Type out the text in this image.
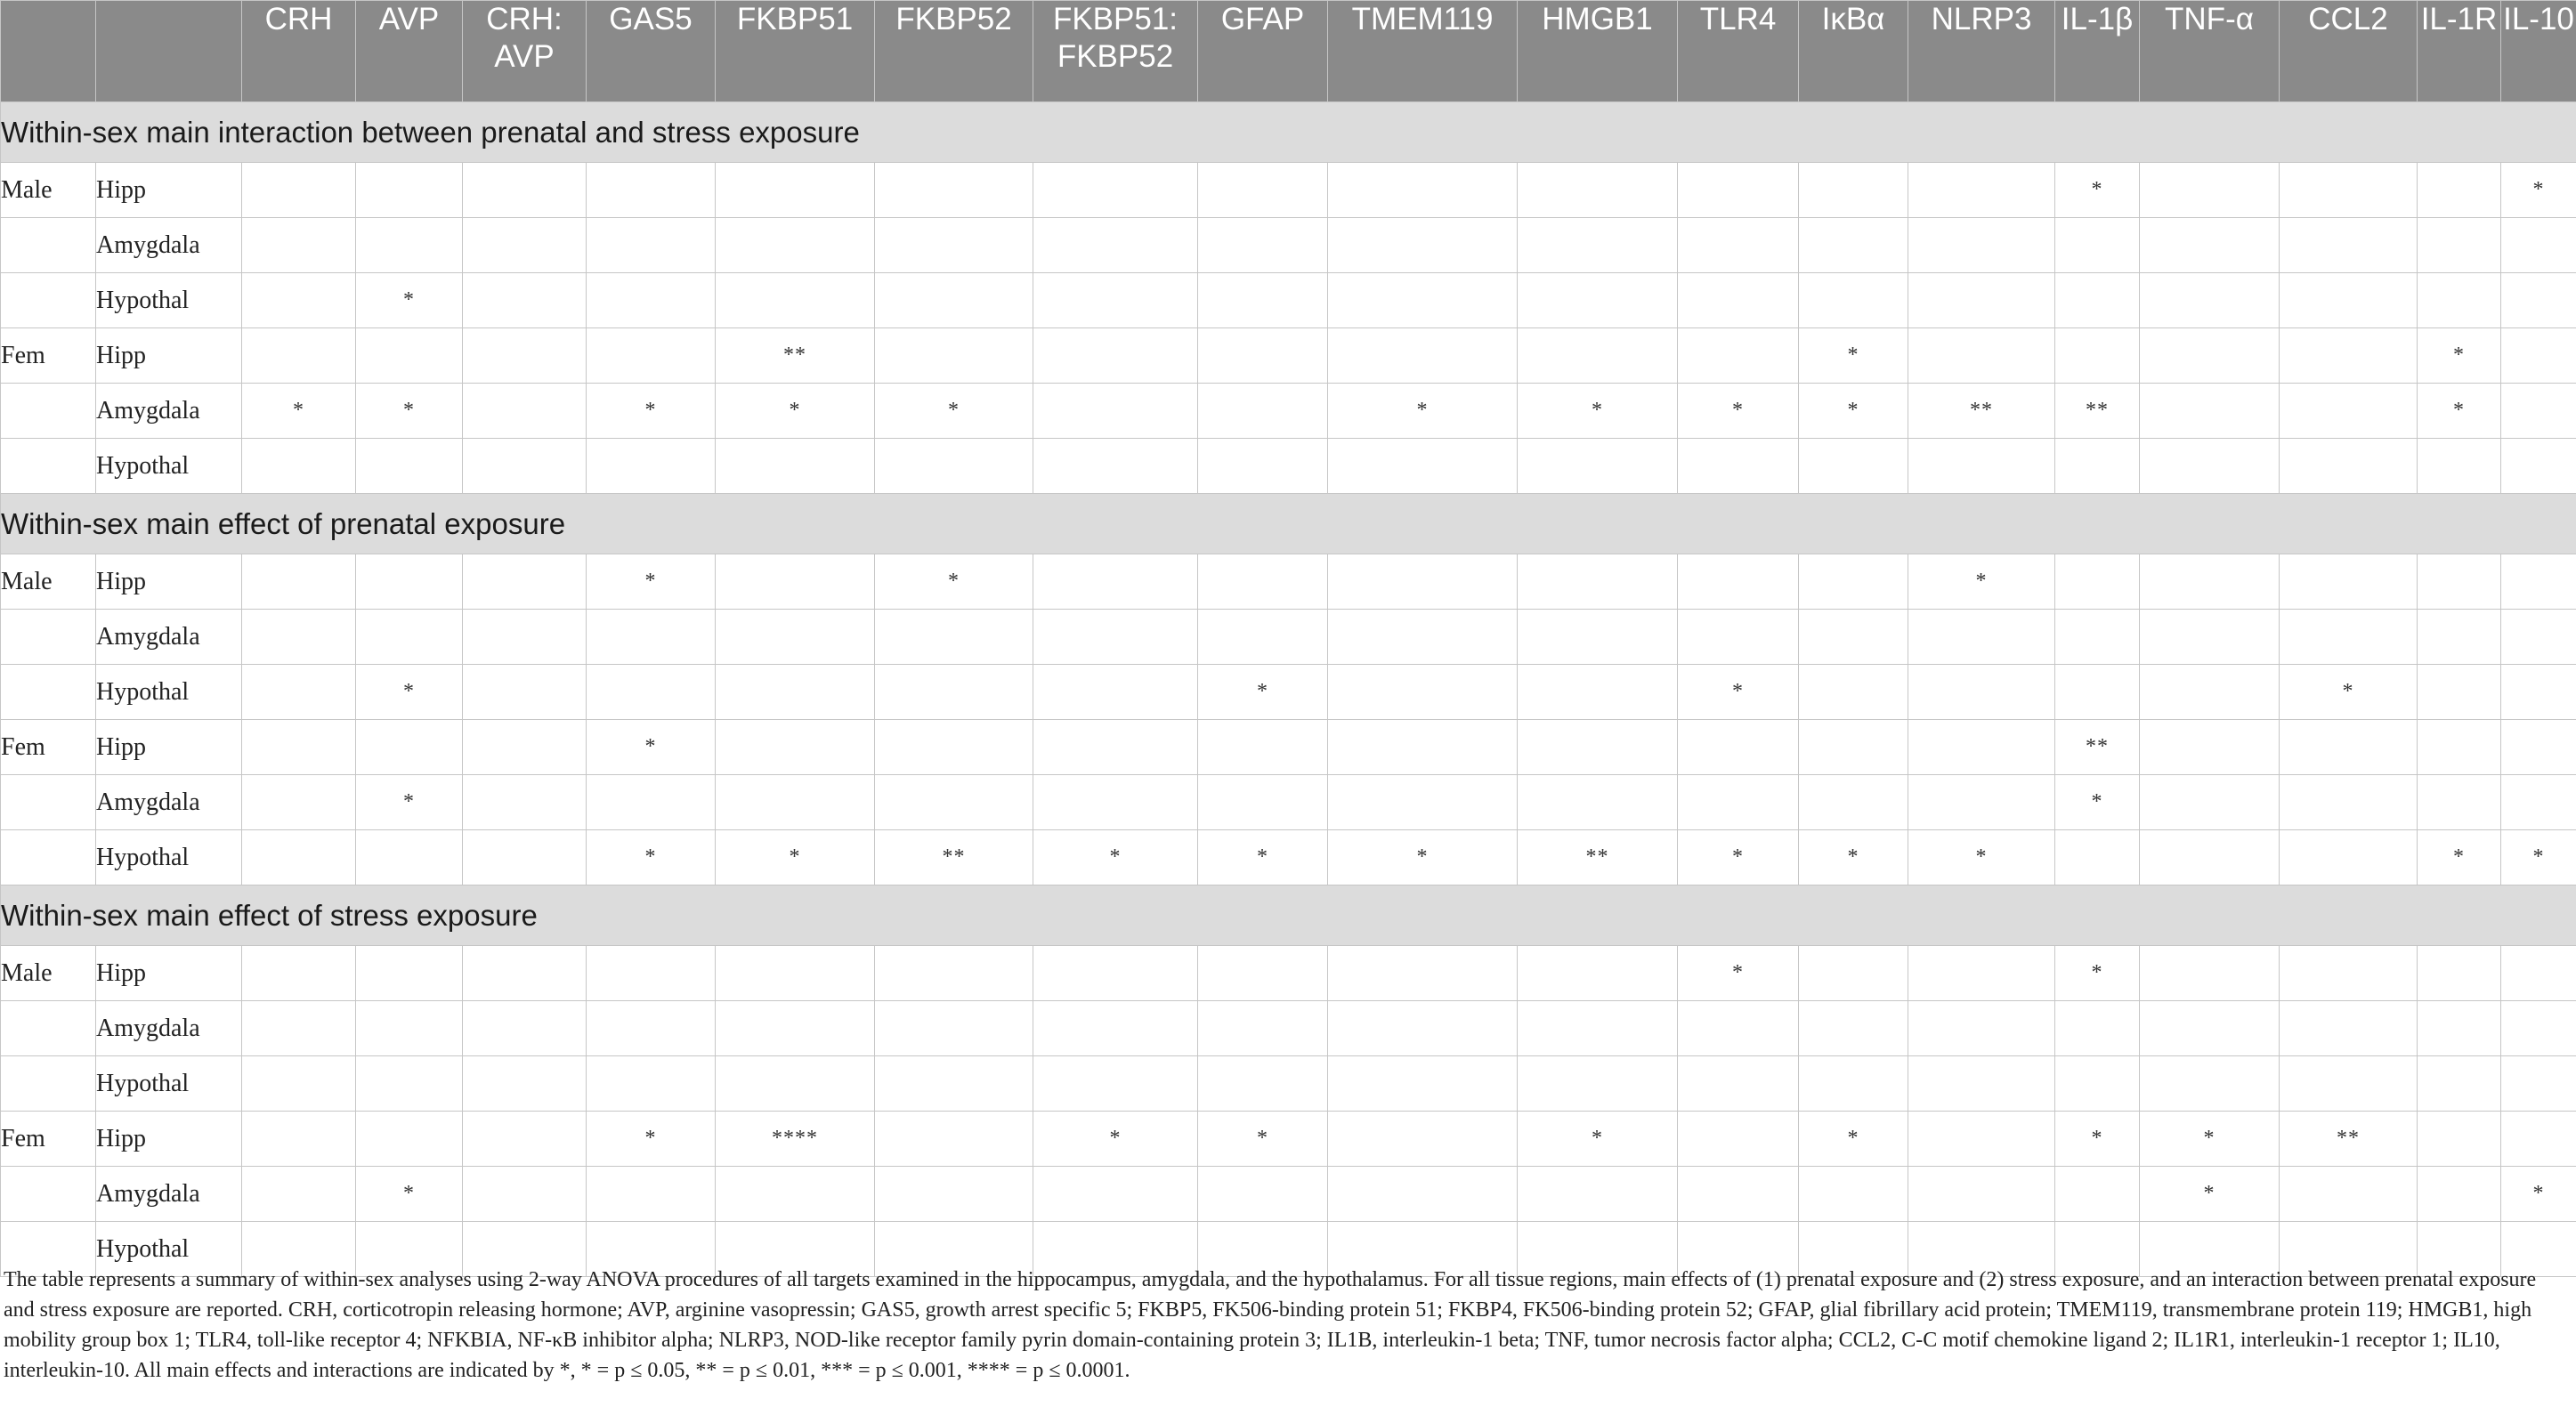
		CRH	AVP	CRH: AVP	GAS5	FKBP51	FKBP52	FKBP51: FKBP52	GFAP	TMEM119	HMGB1	TLR4	IκBα	NLRP3	IL-1β	TNF-α	CCL2	IL-1R	IL-10
Within-sex main interaction between prenatal and stress exposure																			
Male	Hipp														*				*
	Amygdala																		
	Hypothal		*																
Fem	Hipp					**							*					*	
	Amygdala	*	*		*	*	*			*	*	*	*	**	**			*	
	Hypothal																		
Within-sex main effect of prenatal exposure																			
Male	Hipp				*		*							*					
	Amygdala																		
	Hypothal		*						*			*					*		
Fem	Hipp				*										**				
	Amygdala		*												*				
	Hypothal				*	*	**	*	*	*	**	*	*	*				*	*
Within-sex main effect of stress exposure																			
Male	Hipp											*			*				
	Amygdala																		
	Hypothal																		
Fem	Hipp				*	****		*	*		*		*		*	*	**		
	Amygdala		*													*			*
	Hypothal																		

The table represents a summary of within-sex analyses using 2-way ANOVA procedures of all targets examined in the hippocampus, amygdala, and the hypothalamus. For all tissue regions, main effects of (1) prenatal exposure and (2) stress exposure, and an interaction between prenatal exposure and stress exposure are reported. CRH, corticotropin releasing hormone; AVP, arginine vasopressin; GAS5, growth arrest specific 5; FKBP5, FK506-binding protein 51; FKBP4, FK506-binding protein 52; GFAP, glial fibrillary acid protein; TMEM119, transmembrane protein 119; HMGB1, high mobility group box 1; TLR4, toll-like receptor 4; NFKBIA, NF-κB inhibitor alpha; NLRP3, NOD-like receptor family pyrin domain-containing protein 3; IL1B, interleukin-1 beta; TNF, tumor necrosis factor alpha; CCL2, C-C motif chemokine ligand 2; IL1R1, interleukin-1 receptor 1; IL10, interleukin-10. All main effects and interactions are indicated by *, * = p ≤ 0.05, ** = p ≤ 0.01, *** = p ≤ 0.001, **** = p ≤ 0.0001.
